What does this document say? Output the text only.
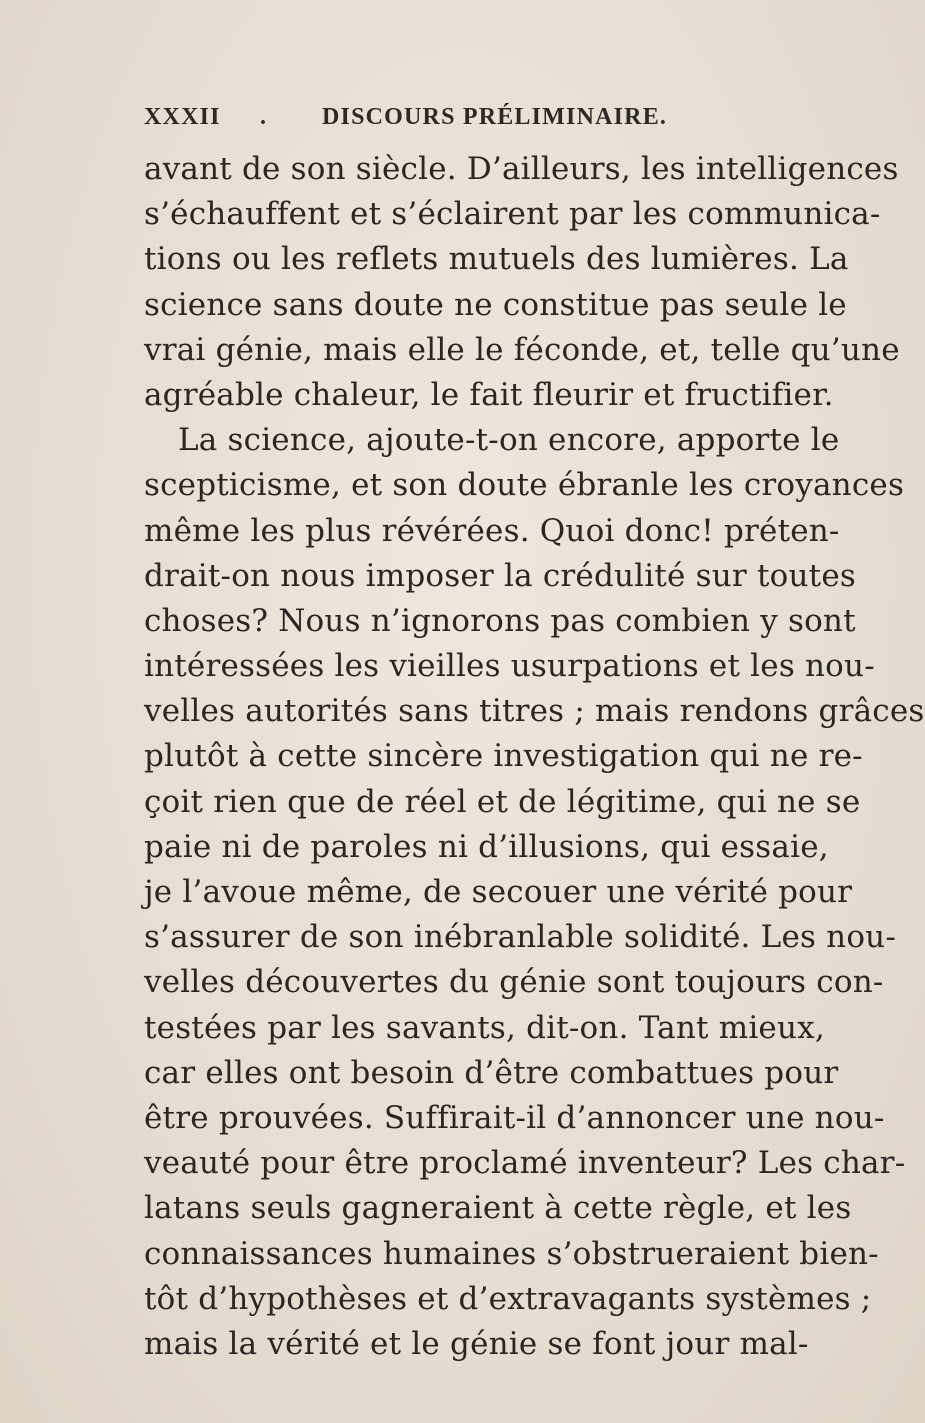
XXXII . DISCOURS PRÉLIMINAIRE.
avant de son siècle. D’ailleurs, les intelligences
s’échauffent et s’éclairent par les communica-
tions ou les reflets mutuels des lumières. La
science sans doute ne constitue pas seule le
vrai génie, mais elle le féconde, et, telle qu’une
agréable chaleur, le fait fleurir et fructifier.
La science, ajoute-t-on encore, apporte le
scepticisme, et son doute ébranle les croyances
même les plus révérées. Quoi donc! préten-
drait-on nous imposer la crédulité sur toutes
choses? Nous n’ignorons pas combien y sont
intéressées les vieilles usurpations et les nou-
velles autorités sans titres ; mais rendons grâces
plutôt à cette sincère investigation qui ne re-
çoit rien que de réel et de légitime, qui ne se
paie ni de paroles ni d’illusions, qui essaie,
je l’avoue même, de secouer une vérité pour
s’assurer de son inébranlable solidité. Les nou-
velles découvertes du génie sont toujours con-
testées par les savants, dit-on. Tant mieux,
car elles ont besoin d’être combattues pour
être prouvées. Suffirait-il d’annoncer une nou-
veauté pour être proclamé inventeur? Les char-
latans seuls gagneraient à cette règle, et les
connaissances humaines s’obstrueraient bien-
tôt d’hypothèses et d’extravagants systèmes ;
mais la vérité et le génie se font jour mal-
